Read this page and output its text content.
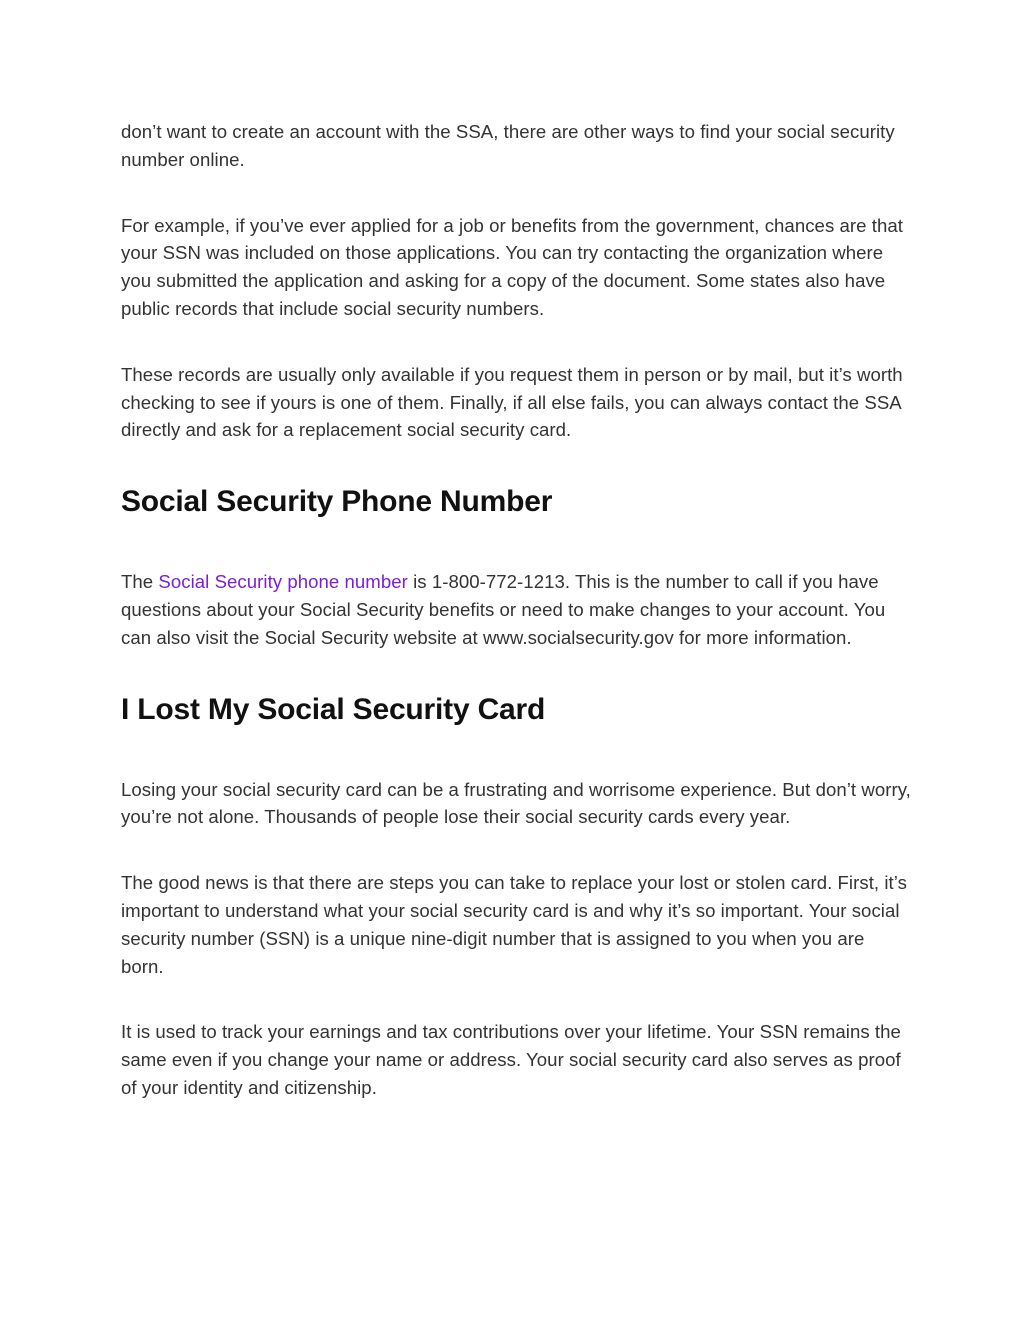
don’t want to create an account with the SSA, there are other ways to find your social security number online.

For example, if you’ve ever applied for a job or benefits from the government, chances are that your SSN was included on those applications. You can try contacting the organization where you submitted the application and asking for a copy of the document. Some states also have public records that include social security numbers.

These records are usually only available if you request them in person or by mail, but it’s worth checking to see if yours is one of them. Finally, if all else fails, you can always contact the SSA directly and ask for a replacement social security card.

Social Security Phone Number

The Social Security phone number is 1-800-772-1213. This is the number to call if you have questions about your Social Security benefits or need to make changes to your account. You can also visit the Social Security website at www.socialsecurity.gov for more information.

I Lost My Social Security Card

Losing your social security card can be a frustrating and worrisome experience. But don’t worry, you’re not alone. Thousands of people lose their social security cards every year.

The good news is that there are steps you can take to replace your lost or stolen card. First, it’s important to understand what your social security card is and why it’s so important. Your social security number (SSN) is a unique nine-digit number that is assigned to you when you are born.

It is used to track your earnings and tax contributions over your lifetime. Your SSN remains the same even if you change your name or address. Your social security card also serves as proof of your identity and citizenship.
